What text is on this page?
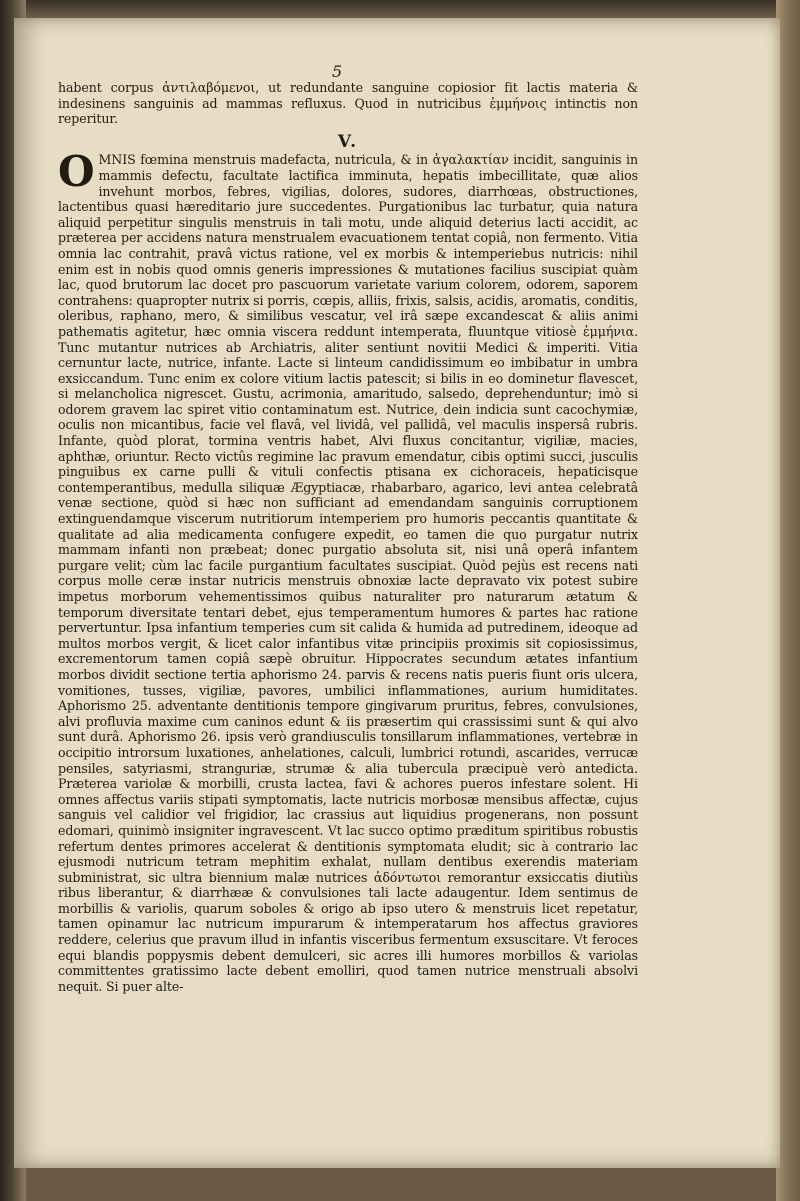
5

habent corpus ἀντιλαβόμενοι, ut redundante sanguine copiosior fit lactis materia & indesinens sanguinis ad mammas refluxus. Quod in nutricibus ἐμμήνοις intinctis non reperitur.

V.

OMNIS fœmina menstruis madefacta, nutricula, & in ἀγαλακτίαν incidit, sanguinis in mammis defectu, facultate lactifica imminuta, hepatis imbecillitate, quæ alios invehunt morbos, febres, vigilias, dolores, sudores, diarrhœas, obstructiones, lactentibus quasi hæreditario jure succedentes. Purgationibus lac turbatur, quia natura aliquid perpetitur singulis menstruis in tali motu, unde aliquid deterius lacti accidit, ac præterea per accidens natura menstrualem evacuationem tentat copiâ, non fermento. Vitia omnia lac contrahit, pravâ victus ratione, vel ex morbis & intemperiebus nutricis: nihil enim est in nobis quod omnis generis impressiones & mutationes facilius suscipiat quàm lac, quod brutorum lac docet pro pascuorum varietate varium colorem, odorem, saporem contrahens: quapropter nutrix si porris, cœpis, alliis, frixis, salsis, acidis, aromatis, conditis, oleribus, raphano, mero, & similibus vescatur, vel irâ sæpe excandescat & aliis animi pathematis agitetur, hæc omnia viscera reddunt intemperata, fluuntque vitiosè ἐμμήνια. Tunc mutantur nutrices ab Archiatris, aliter sentiunt novitii Medici & imperiti. Vitia cernuntur lacte, nutrice, infante. Lacte si linteum candidissimum eo imbibatur in umbra exsiccandum. Tunc enim ex colore vitium lactis patescit; si bilis in eo dominetur flavescet, si melancholica nigrescet. Gustu, acrimonia, amaritudo, salsedo, deprehenduntur; imò si odorem gravem lac spiret vitio contaminatum est. Nutrice, dein indicia sunt cacochymiæ, oculis non micantibus, facie vel flavâ, vel lividâ, vel pallidâ, vel maculis inspersâ rubris. Infante, quòd plorat, tormina ventris habet, Alvi fluxus concitantur, vigiliæ, macies, aphthæ, oriuntur. Recto victûs regimine lac pravum emendatur, cibis optimi succi, jusculis pinguibus ex carne pulli & vituli confectis ptisana ex cichoraceis, hepaticisque contemperantibus, medulla siliquæ Ægyptiacæ, rhabarbaro, agarico, levi antea celebratâ venæ sectione, quòd si hæc non sufficiant ad emendandam sanguinis corruptionem extinguendamque viscerum nutritiorum intemperiem pro humoris peccantis quantitate & qualitate ad alia medicamenta confugere expedit, eo tamen die quo purgatur nutrix mammam infanti non præbeat; donec purgatio absoluta sit, nisi unâ operâ infantem purgare velit; cùm lac facile purgantium facultates suscipiat. Quòd pejùs est recens nati corpus molle ceræ instar nutricis menstruis obnoxiæ lacte depravato vix potest subire impetus morborum vehementissimos quibus naturaliter pro naturarum ætatum & temporum diversitate tentari debet, ejus temperamentum humores & partes hac ratione pervertuntur. Ipsa infantium temperies cum sit calida & humida ad putredinem, ideoque ad multos morbos vergit, & licet calor infantibus vitæ principiis proximis sit copiosissimus, excrementorum tamen copiâ sæpè obruitur. Hippocrates secundum ætates infantium morbos dividit sectione tertia aphorismo 24. parvis & recens natis pueris fiunt oris ulcera, vomitiones, tusses, vigiliæ, pavores, umbilici inflammationes, aurium humiditates. Aphorismo 25. adventante dentitionis tempore gingivarum pruritus, febres, convulsiones, alvi profluvia maxime cum caninos edunt & iis præsertim qui crassissimi sunt & qui alvo sunt durâ. Aphorismo 26. ipsis verò grandiusculis tonsillarum inflammationes, vertebræ in occipitio introrsum luxationes, anhelationes, calculi, lumbrici rotundi, ascarides, verrucæ pensiles, satyriasmi, stranguriæ, strumæ & alia tubercula præcipuè verò antedicta. Præterea variolæ & morbilli, crusta lactea, favi & achores pueros infestare solent. Hi omnes affectus variis stipati symptomatis, lacte nutricis morbosæ mensibus affectæ, cujus sanguis vel calidior vel frigidior, lac crassius aut liquidius progenerans, non possunt edomari, quinimò insigniter ingravescent. Vt lac succo optimo præditum spiritibus robustis refertum dentes primores accelerat & dentitionis symptomata eludit; sic à contrario lac ejusmodi nutricum tetram mephitim exhalat, nullam dentibus exerendis materiam subministrat, sic ultra biennium malæ nutrices ἀδόντωτοι remorantur exsiccatis diutiùs ribus liberantur, & diarrhææ & convulsiones tali lacte adaugentur. Idem sentimus de morbillis & variolis, quarum soboles & origo ab ipso utero & menstruis licet repetatur, tamen opinamur lac nutricum impurarum & intemperatarum hos affectus graviores reddere, celerius que pravum illud in infantis visceribus fermentum exsuscitare. Vt feroces equi blandis poppysmis debent demulceri, sic acres illi humores morbillos & variolas committentes gratissimo lacte debent emolliri, quod tamen nutrice menstruali absolvi nequit. Si puer alte-
